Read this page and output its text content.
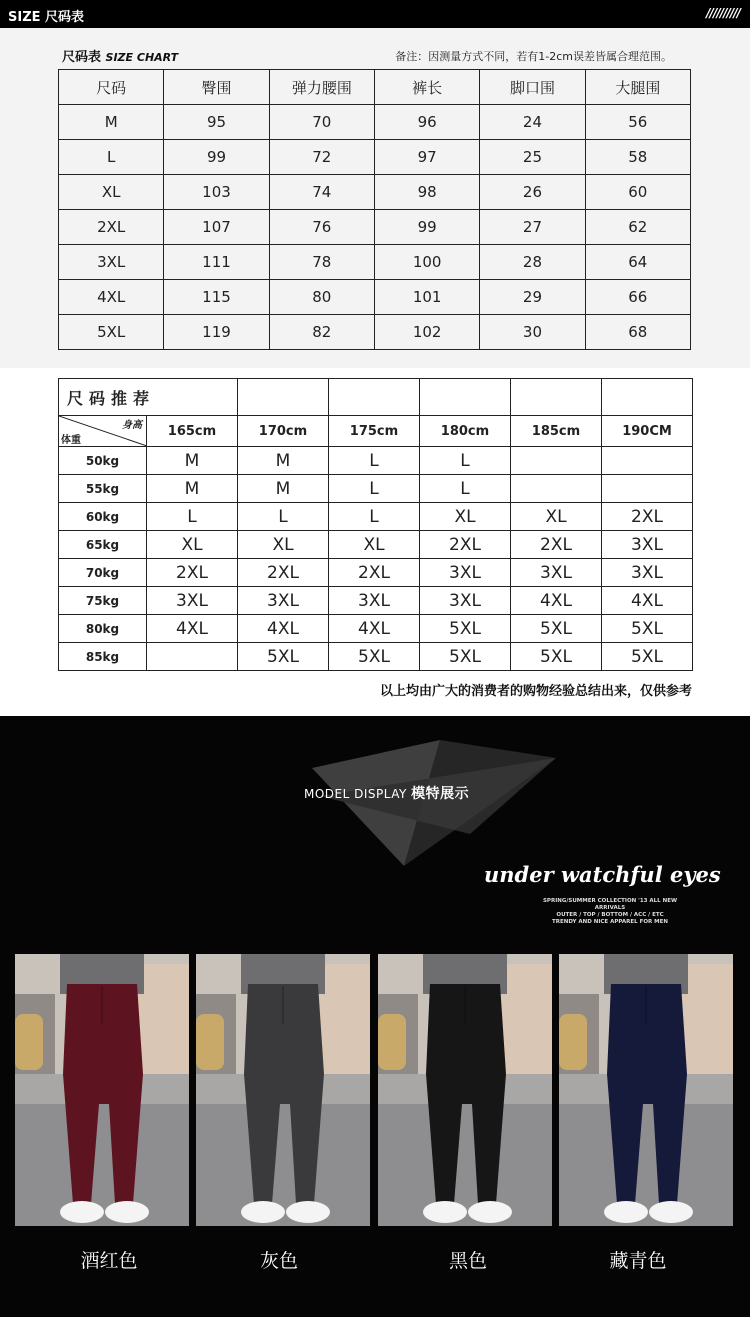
SIZE 尺码表	//////////
尺码表 SIZE CHART	备注：因测量方式不同，若有1-2cm误差皆属合理范围。
尺码	臀围	弹力腰围	裤长	脚口围	大腿围
M	95	70	96	24	56
L	99	72	97	25	58
XL	103	74	98	26	60
2XL	107	76	99	27	62
3XL	111	78	100	28	64
4XL	115	80	101	29	66
5XL	119	82	102	30	68
尺码推荐						

身高
体重	165cm	170cm	175cm	180cm	185cm	190CM
50kg	M	M	L	L		
55kg	M	M	L	L		
60kg	L	L	L	XL	XL	2XL
65kg	XL	XL	XL	2XL	2XL	3XL
70kg	2XL	2XL	2XL	3XL	3XL	3XL
75kg	3XL	3XL	3XL	3XL	4XL	4XL
80kg	4XL	4XL	4XL	5XL	5XL	5XL
85kg		5XL	5XL	5XL	5XL	5XL
以上均由广大的消费者的购物经验总结出来，仅供参考
MODEL DISPLAY 模特展示
under watchful eyes
SPRING/SUMMER COLLECTION '13 ALL NEW ARRIVALS
OUTER / TOP / BOTTOM / ACC / ETC
TRENDY AND NICE APPAREL FOR MEN
酒红色	灰色	黑色	藏青色
